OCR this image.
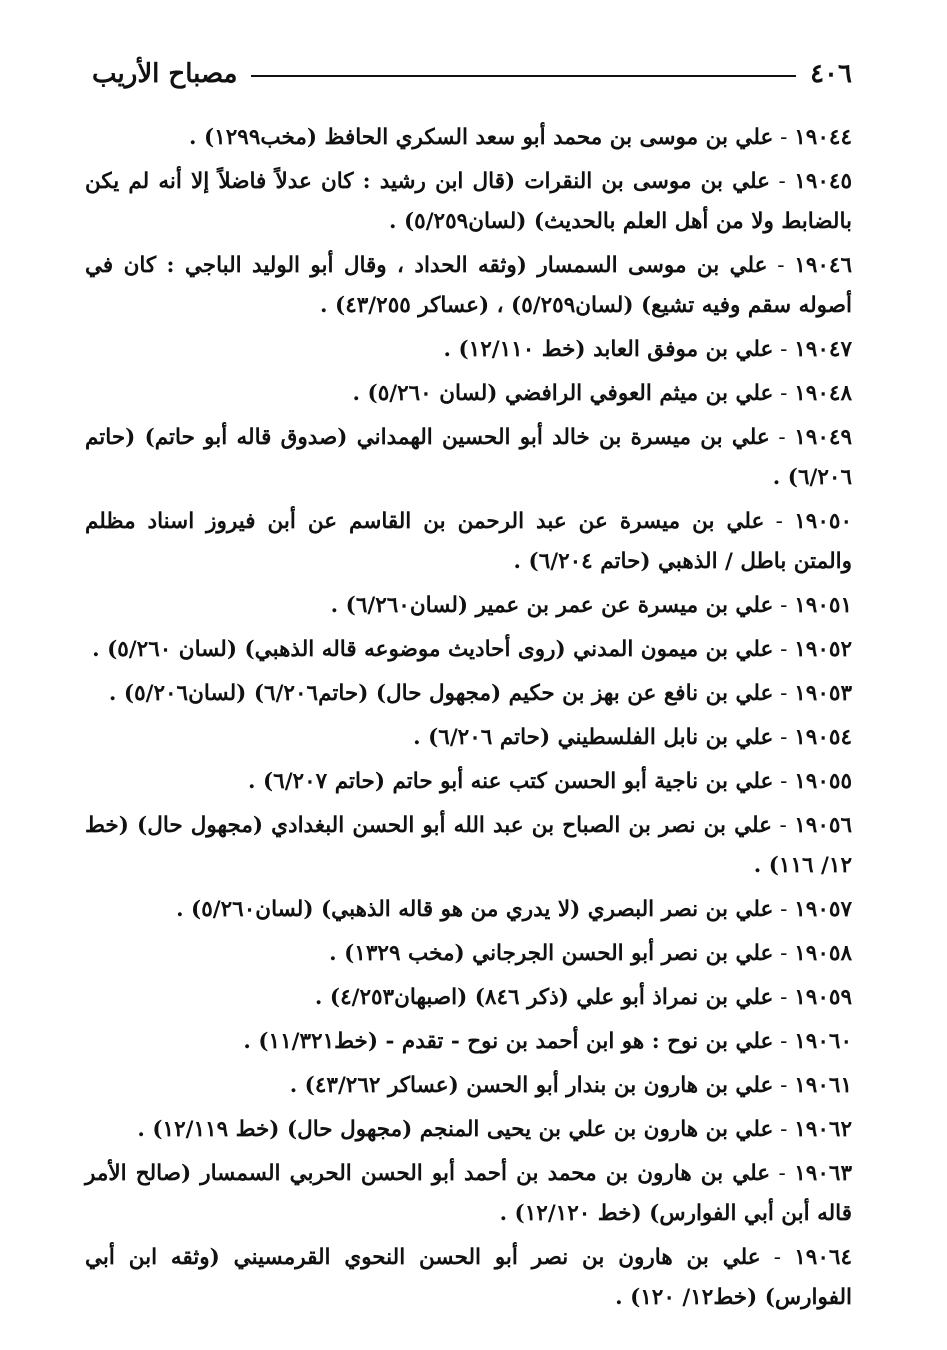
٤٠٦
مصباح الأريب
١٩٠٤٤ - علي بن موسى بن محمد أبو سعد السكري الحافظ (مخب١٢٩٩) .
١٩٠٤٥ - علي بن موسى بن النقرات (قال ابن رشيد : كان عدلاً فاضلاً إلا أنه لم يكن بالضابط ولا من أهل العلم بالحديث) (لسان٥/٢٥٩) .
١٩٠٤٦ - علي بن موسى السمسار (وثقه الحداد ، وقال أبو الوليد الباجي : كان في أصوله سقم وفيه تشيع) (لسان٥/٢٥٩) ، (عساكر ٤٣/٢٥٥) .
١٩٠٤٧ - علي بن موفق العابد (خط ١٢/١١٠) .
١٩٠٤٨ - علي بن ميثم العوفي الرافضي (لسان ٥/٢٦٠) .
١٩٠٤٩ - علي بن ميسرة بن خالد أبو الحسين الهمداني (صدوق قاله أبو حاتم) (حاتم ٦/٢٠٦) .
١٩٠٥٠ - علي بن ميسرة عن عبد الرحمن بن القاسم عن أبن فيروز اسناد مظلم والمتن باطل / الذهبي (حاتم ٦/٢٠٤) .
١٩٠٥١ - علي بن ميسرة عن عمر بن عمير (لسان٦/٢٦٠) .
١٩٠٥٢ - علي بن ميمون المدني (روى أحاديث موضوعه قاله الذهبي) (لسان ٥/٢٦٠) .
١٩٠٥٣ - علي بن نافع عن بهز بن حكيم (مجهول حال) (حاتم٦/٢٠٦) (لسان٥/٢٠٦) .
١٩٠٥٤ - علي بن نابل الفلسطيني (حاتم ٦/٢٠٦) .
١٩٠٥٥ - علي بن ناجية أبو الحسن كتب عنه أبو حاتم (حاتم ٦/٢٠٧) .
١٩٠٥٦ - علي بن نصر بن الصباح بن عبد الله أبو الحسن البغدادي (مجهول حال) (خط ١٢/ ١١٦) .
١٩٠٥٧ - علي بن نصر البصري (لا يدري من هو قاله الذهبي) (لسان٥/٢٦٠) .
١٩٠٥٨ - علي بن نصر أبو الحسن الجرجاني (مخب ١٣٢٩) .
١٩٠٥٩ - علي بن نمراذ أبو علي (ذكر ٨٤٦) (اصبهان٤/٢٥٣) .
١٩٠٦٠ - علي بن نوح : هو ابن أحمد بن نوح - تقدم - (خط١١/٣٢١) .
١٩٠٦١ - علي بن هارون بن بندار أبو الحسن (عساكر ٤٣/٢٦٢) .
١٩٠٦٢ - علي بن هارون بن علي بن يحيى المنجم (مجهول حال) (خط ١٢/١١٩) .
١٩٠٦٣ - علي بن هارون بن محمد بن أحمد أبو الحسن الحربي السمسار (صالح الأمر قاله أبن أبي الفوارس) (خط ١٢/١٢٠) .
١٩٠٦٤ - علي بن هارون بن نصر أبو الحسن النحوي القرمسيني (وثقه ابن أبي الفوارس) (خط١٢/ ١٢٠) .
